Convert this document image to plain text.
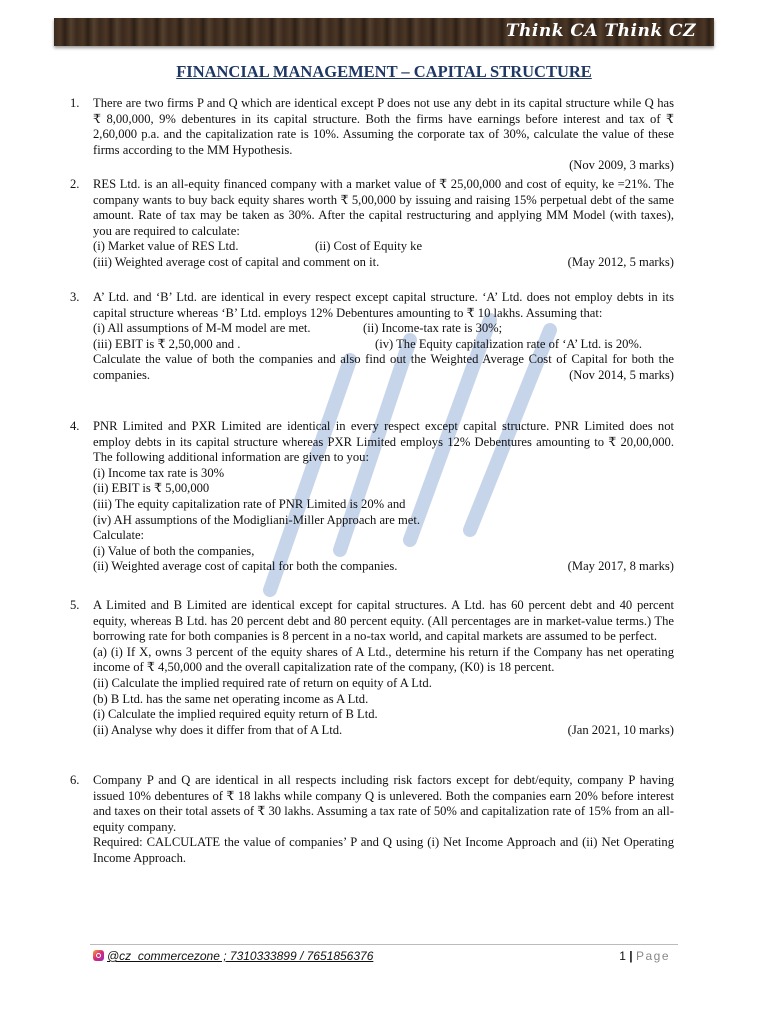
Think CA Think CZ
FINANCIAL MANAGEMENT – CAPITAL STRUCTURE
1. There are two firms P and Q which are identical except P does not use any debt in its capital structure while Q has ₹ 8,00,000, 9% debentures in its capital structure. Both the firms have earnings before interest and tax of ₹ 2,60,000 p.a. and the capitalization rate is 10%. Assuming the corporate tax of 30%, calculate the value of these firms according to the MM Hypothesis.

(Nov 2009, 3 marks)

2. RES Ltd. is an all-equity financed company with a market value of ₹ 25,00,000 and cost of equity, ke =21%. The company wants to buy back equity shares worth ₹ 5,00,000 by issuing and raising 15% perpetual debt of the same amount. Rate of tax may be taken as 30%. After the capital restructuring and applying MM Model (with taxes), you are required to calculate:

(i) Market value of RES Ltd.	(ii) Cost of Equity ke
(iii) Weighted average cost of capital and comment on it.	(May 2012, 5 marks)
3. A’ Ltd. and ‘B’ Ltd. are identical in every respect except capital structure. ‘A’ Ltd. does not employ debts in its capital structure whereas ‘B’ Ltd. employs 12% Debentures amounting to ₹ 10 lakhs. Assuming that:

(i) All assumptions of M-M model are met.	(ii) Income-tax rate is 30%;
(iii) EBIT is ₹ 2,50,000 and .	(iv) The Equity capitalization rate of ‘A’ Ltd. is 20%.

Calculate the value of both the companies and also find out the Weighted Average Cost of Capital for both the companies.	(Nov 2014, 5 marks)

4. PNR Limited and PXR Limited are identical in every respect except capital structure. PNR Limited does not employ debts in its capital structure whereas PXR Limited employs 12% Debentures amounting to ₹ 20,00,000. The following additional information are given to you:

(i) Income tax rate is 30%

(ii) EBIT is ₹ 5,00,000

(iii) The equity capitalization rate of PNR Limited is 20% and

(iv) AH assumptions of the Modigliani-Miller Approach are met.

Calculate:

(i) Value of both the companies,

(ii) Weighted average cost of capital for both the companies.	(May 2017, 8 marks)
5. A Limited and B Limited are identical except for capital structures. A Ltd. has 60 percent debt and 40 percent equity, whereas B Ltd. has 20 percent debt and 80 percent equity. (All percentages are in market-value terms.) The borrowing rate for both companies is 8 percent in a no-tax world, and capital markets are assumed to be perfect.

(a) (i) If X, owns 3 percent of the equity shares of A Ltd., determine his return if the Company has net operating income of ₹ 4,50,000 and the overall capitalization rate of the company, (K0) is 18 percent.

(ii) Calculate the implied required rate of return on equity of A Ltd.

(b) B Ltd. has the same net operating income as A Ltd.

(i) Calculate the implied required equity return of B Ltd.

(ii) Analyse why does it differ from that of A Ltd.	(Jan 2021, 10 marks)
6. Company P and Q are identical in all respects including risk factors except for debt/equity, company P having issued 10% debentures of ₹ 18 lakhs while company Q is unlevered. Both the companies earn 20% before interest and taxes on their total assets of ₹ 30 lakhs. Assuming a tax rate of 50% and capitalization rate of 15% from an all-equity company.

Required: CALCULATE the value of companies’ P and Q using (i) Net Income Approach and (ii) Net Operating Income Approach.

@cz_commercezone ; 7310333899 / 7651856376	1 | Page
